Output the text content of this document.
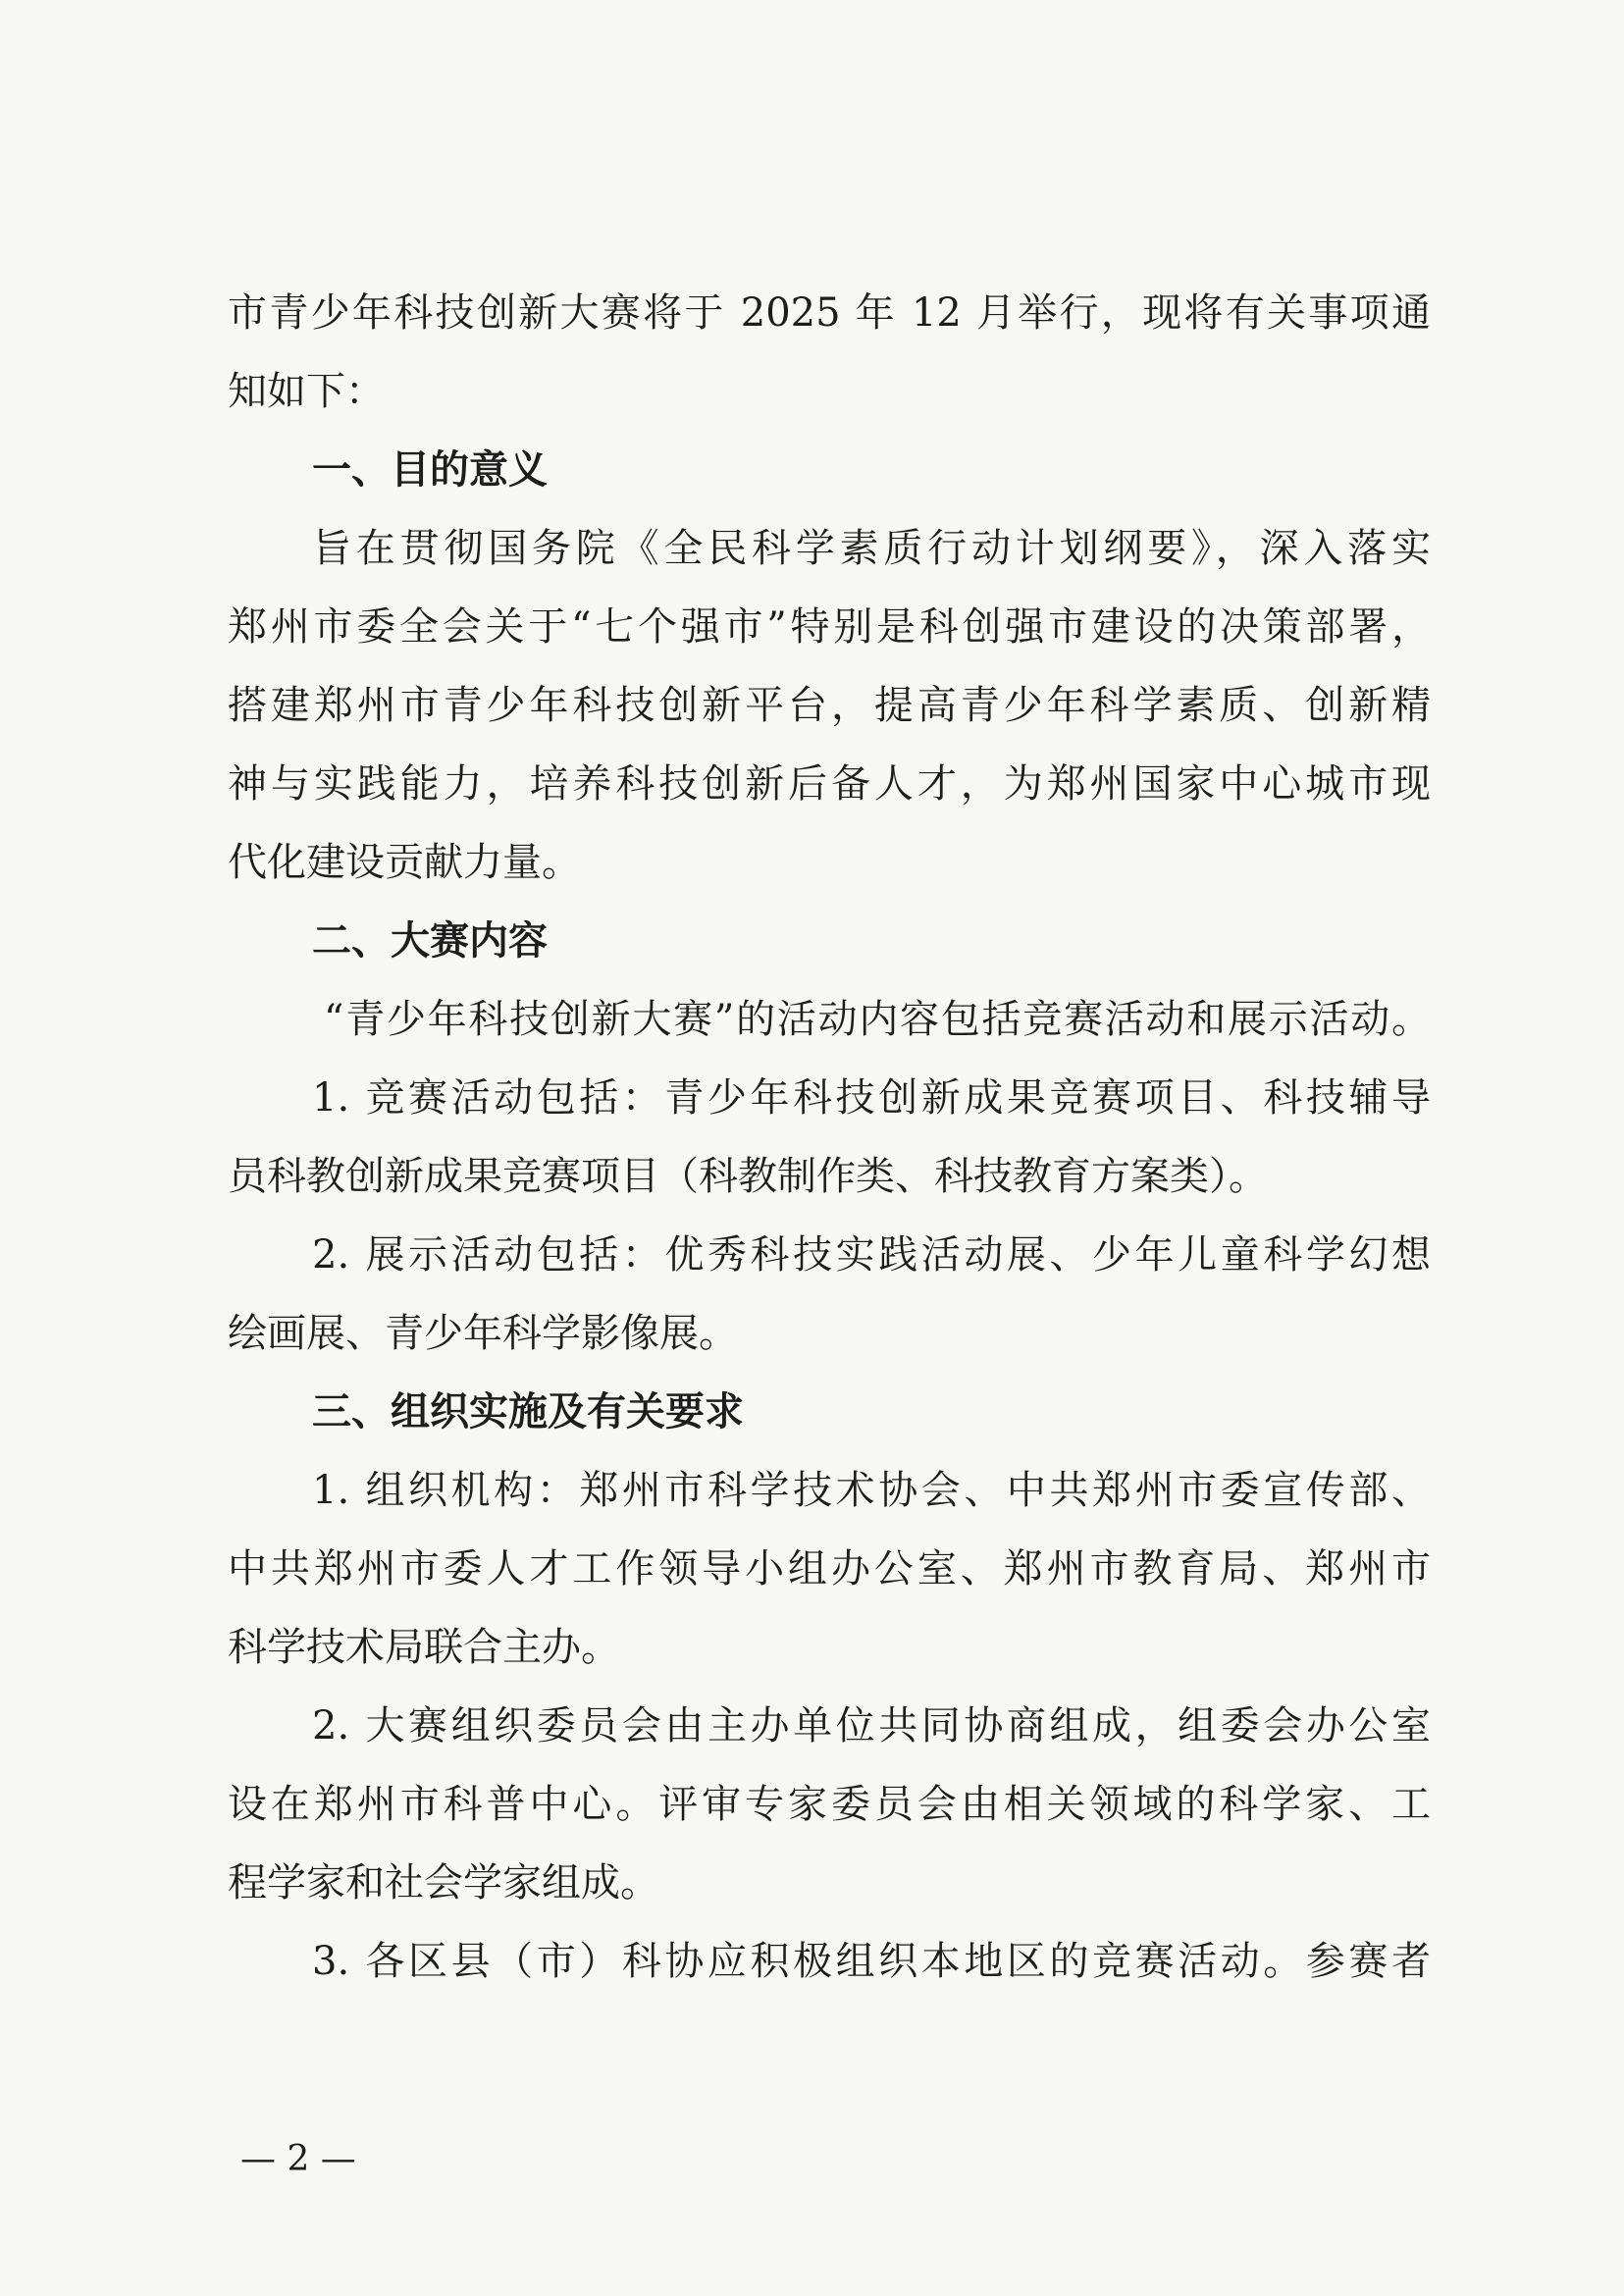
市青少年科技创新大赛将于 2025 年 12 月举行，现将有关事项通
知如下：
一、目的意义
旨在贯彻国务院《全民科学素质行动计划纲要》，深入落实
郑州市委全会关于“七个强市”特别是科创强市建设的决策部署，
搭建郑州市青少年科技创新平台，提高青少年科学素质、创新精
神与实践能力，培养科技创新后备人才，为郑州国家中心城市现
代化建设贡献力量。
二、大赛内容
“青少年科技创新大赛”的活动内容包括竞赛活动和展示活动。
1. 竞赛活动包括：青少年科技创新成果竞赛项目、科技辅导
员科教创新成果竞赛项目（科教制作类、科技教育方案类）。
2. 展示活动包括：优秀科技实践活动展、少年儿童科学幻想
绘画展、青少年科学影像展。
三、组织实施及有关要求
1. 组织机构：郑州市科学技术协会、中共郑州市委宣传部、
中共郑州市委人才工作领导小组办公室、郑州市教育局、郑州市
科学技术局联合主办。
2. 大赛组织委员会由主办单位共同协商组成，组委会办公室
设在郑州市科普中心。评审专家委员会由相关领域的科学家、工
程学家和社会学家组成。
3. 各区县（市）科协应积极组织本地区的竞赛活动。参赛者
— 2 —
